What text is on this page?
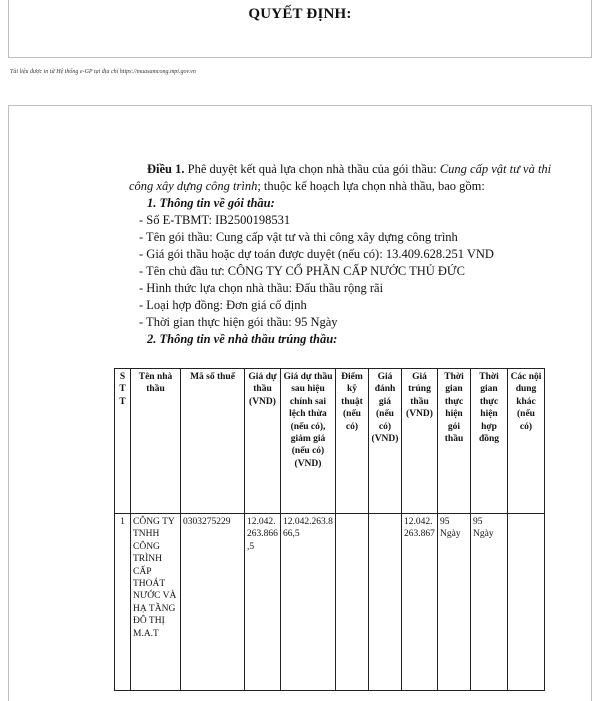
QUYẾT ĐỊNH:
Tài liệu được in từ Hệ thống e-GP tại địa chỉ https://muasamcong.mpi.gov.vn

Điều 1. Phê duyệt kết quả lựa chọn nhà thầu của gói thầu: Cung cấp vật tư và thi công xây dựng công trình; thuộc kế hoạch lựa chọn nhà thầu, bao gồm:

1. Thông tin về gói thầu:
- Số E-TBMT: IB2500198531
- Tên gói thầu: Cung cấp vật tư và thi công xây dựng công trình
- Giá gói thầu hoặc dự toán được duyệt (nếu có): 13.409.628.251 VND
- Tên chủ đầu tư: CÔNG TY CỔ PHẦN CẤP NƯỚC THỦ ĐỨC
- Hình thức lựa chọn nhà thầu: Đấu thầu rộng rãi
- Loại hợp đồng: Đơn giá cố định
- Thời gian thực hiện gói thầu: 95 Ngày
2. Thông tin về nhà thầu trúng thầu:
S T T	Tên nhà thầu	Mã số thuế	Giá dự thầu (VND)	Giá dự thầu sau hiệu chính sai lệch thừa (nếu có), giảm giá (nếu có) (VND)	Điểm kỹ thuật (nếu có)	Giá đánh giá (nếu có) (VND)	Giá trúng thầu (VND)	Thời gian thực hiện gói thầu	Thời gian thực hiện hợp đồng	Các nội dung khác (nếu có)
1	CÔNG TY TNHH CÔNG TRÌNH CẤP THOÁT NƯỚC VÀ HẠ TẦNG ĐÔ THỊ M.A.T	0303275229	12.042.263.866,5	12.042.263.866,5			12.042.263.867	95 Ngày	95 Ngày	
